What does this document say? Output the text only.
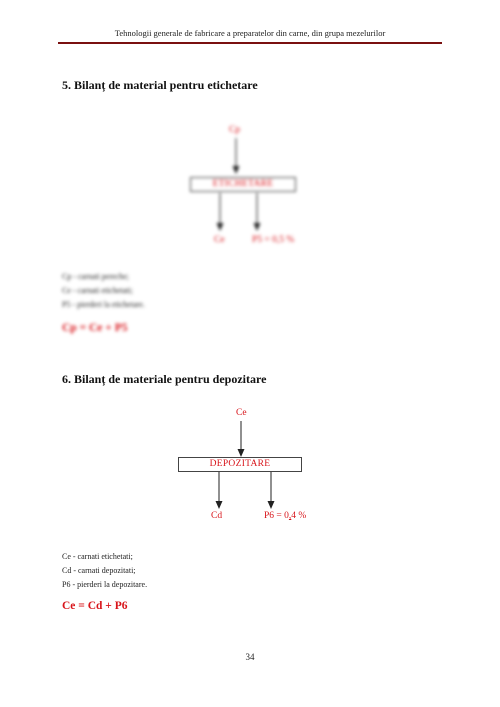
Tehnologii generale de fabricare a preparatelor din carne, din grupa mezelurilor
5. Bilanț de material pentru etichetare
Cp
ETICHETARE
Ce	P5 = 0,5 %
Cp - carnati pereche;
Ce - carnati etichetati;
P5 - pierderi la etichetare.
Cp = Ce + P5
6. Bilanț de materiale pentru depozitare
Ce
DEPOZITARE
Cd	P6 = 0,4 %
Ce - carnati etichetati;
Cd - carnati depozitati;
P6 - pierderi la depozitare.
Ce = Cd + P6
34
